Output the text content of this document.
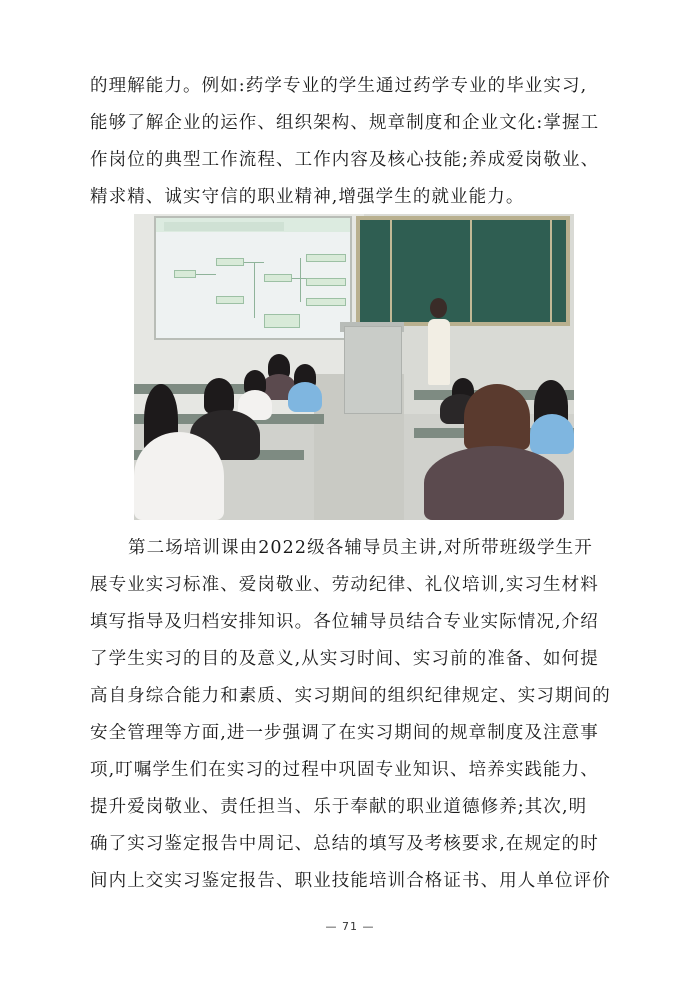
的理解能力。例如:药学专业的学生通过药学专业的毕业实习,
能够了解企业的运作、组织架构、规章制度和企业文化:掌握工
作岗位的典型工作流程、工作内容及核心技能;养成爱岗敬业、
精求精、诚实守信的职业精神,增强学生的就业能力。
第二场培训课由2022级各辅导员主讲,对所带班级学生开
展专业实习标准、爱岗敬业、劳动纪律、礼仪培训,实习生材料
填写指导及归档安排知识。各位辅导员结合专业实际情况,介绍
了学生实习的目的及意义,从实习时间、实习前的准备、如何提
高自身综合能力和素质、实习期间的组织纪律规定、实习期间的
安全管理等方面,进一步强调了在实习期间的规章制度及注意事
项,叮嘱学生们在实习的过程中巩固专业知识、培养实践能力、
提升爱岗敬业、责任担当、乐于奉献的职业道德修养;其次,明
确了实习鉴定报告中周记、总结的填写及考核要求,在规定的时
间内上交实习鉴定报告、职业技能培训合格证书、用人单位评价
— 71 —
